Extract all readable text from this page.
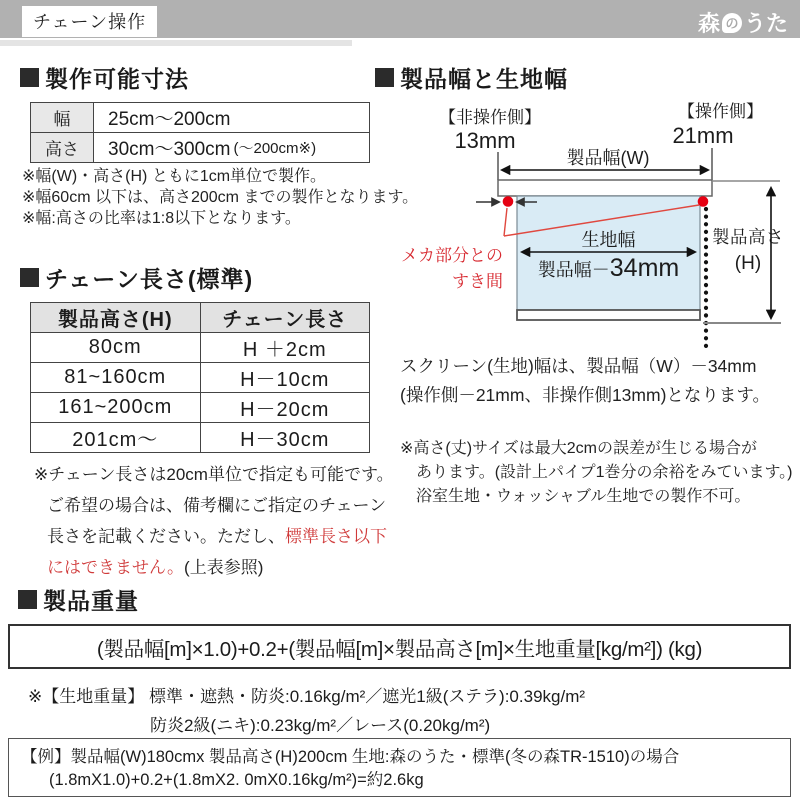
チェーン操作	森 の うた
製作可能寸法
幅	25cm〜200cm
高さ	30cm〜300cm (〜200cm※)
※幅(W)・高さ(H) ともに1cm単位で製作。
※幅60cm 以下は、高さ200cm までの製作となります。
※幅:高さの比率は1:8以下となります。
チェーン長さ(標準)
製品高さ(H)	チェーン長さ
80cm	H ＋2cm
81~160cm	H－10cm
161~200cm	H－20cm
201cm〜	H－30cm

※チェーン長さは20cm単位で指定も可能です。ご希望の場合は、備考欄にご指定のチェーン長さを記載ください。ただし、標準長さ以下にはできません。(上表参照)

製品幅と生地幅
【非操作側】
13mm
【操作側】
21mm
製品幅(W)
生地幅
製品幅－34mm
製品高さ
(H)
メカ部分との
すき間
スクリーン(生地)幅は、製品幅（W）－34mm
(操作側－21mm、非操作側13mm)となります。
※高さ(丈)サイズは最大2cmの誤差が生じる場合が
あります。(設計上パイプ1巻分の余裕をみています。)
浴室生地・ウォッシャブル生地での製作不可。
製品重量
(製品幅[m]×1.0)+0.2+(製品幅[m]×製品高さ[m]×生地重量[kg/m²]) (kg)
※【生地重量】 標準・遮熱・防炎:0.16kg/m²／遮光1級(ステラ):0.39kg/m²
防炎2級(ニキ):0.23kg/m²／レース(0.20kg/m²)
【例】製品幅(W)180cmx 製品高さ(H)200cm 生地:森のうた・標準(冬の森TR-1510)の場合
(1.8mX1.0)+0.2+(1.8mX2. 0mX0.16kg/m²)=約2.6kg
